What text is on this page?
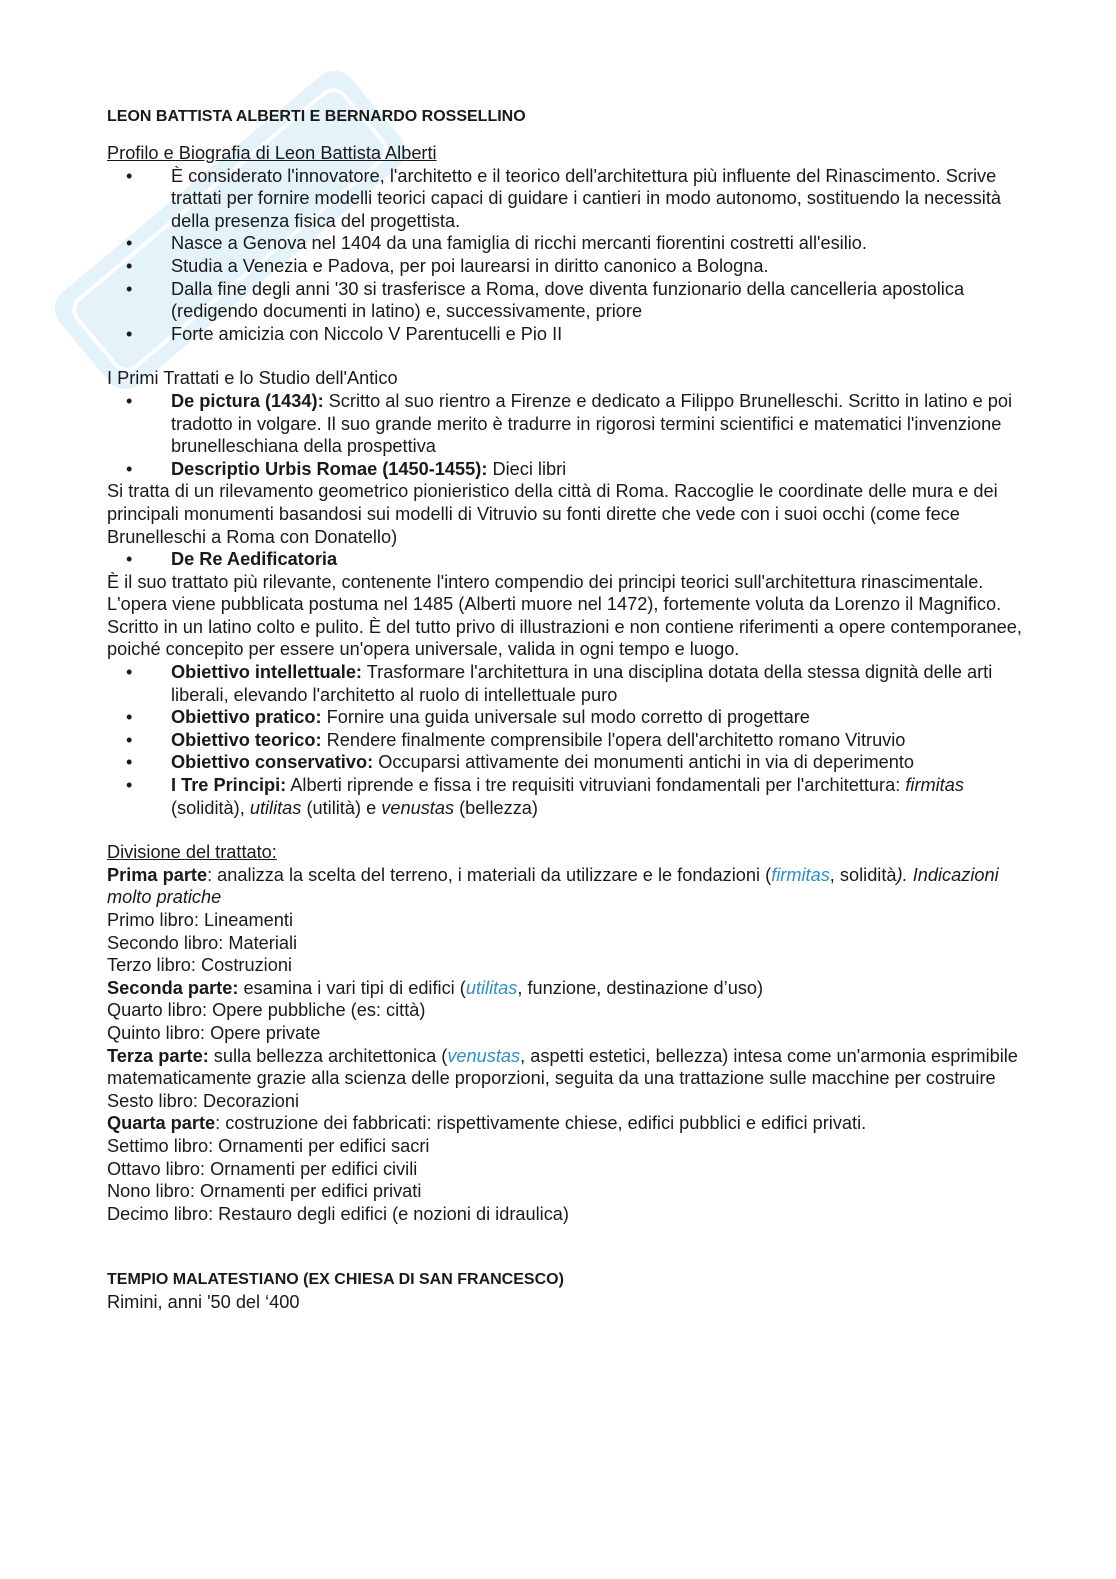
LEON BATTISTA ALBERTI E BERNARDO ROSSELLINO

Profilo e Biografia di Leon Battista Alberti

• È considerato l'innovatore, l'architetto e il teorico dell'architettura più influente del Rinascimento. Scrive trattati per fornire modelli teorici capaci di guidare i cantieri in modo autonomo, sostituendo la necessità della presenza fisica del progettista.
• Nasce a Genova nel 1404 da una famiglia di ricchi mercanti fiorentini costretti all'esilio.
• Studia a Venezia e Padova, per poi laurearsi in diritto canonico a Bologna.
• Dalla fine degli anni '30 si trasferisce a Roma, dove diventa funzionario della cancelleria apostolica (redigendo documenti in latino) e, successivamente, priore
• Forte amicizia con Niccolo V Parentucelli e Pio II

I Primi Trattati e lo Studio dell'Antico

• De pictura (1434): Scritto al suo rientro a Firenze e dedicato a Filippo Brunelleschi. Scritto in latino e poi tradotto in volgare. Il suo grande merito è tradurre in rigorosi termini scientifici e matematici l'invenzione brunelleschiana della prospettiva
• Descriptio Urbis Romae (1450-1455): Dieci libri

Si tratta di un rilevamento geometrico pionieristico della città di Roma. Raccoglie le coordinate delle mura e dei principali monumenti basandosi sui modelli di Vitruvio su fonti dirette che vede con i suoi occhi (come fece Brunelleschi a Roma con Donatello)

• De Re Aedificatoria

È il suo trattato più rilevante, contenente l'intero compendio dei principi teorici sull'architettura rinascimentale.

L'opera viene pubblicata postuma nel 1485 (Alberti muore nel 1472), fortemente voluta da Lorenzo il Magnifico.

Scritto in un latino colto e pulito. È del tutto privo di illustrazioni e non contiene riferimenti a opere contemporanee, poiché concepito per essere un'opera universale, valida in ogni tempo e luogo.

• Obiettivo intellettuale: Trasformare l'architettura in una disciplina dotata della stessa dignità delle arti liberali, elevando l'architetto al ruolo di intellettuale puro
• Obiettivo pratico: Fornire una guida universale sul modo corretto di progettare
• Obiettivo teorico: Rendere finalmente comprensibile l'opera dell'architetto romano Vitruvio
• Obiettivo conservativo: Occuparsi attivamente dei monumenti antichi in via di deperimento
• I Tre Principi: Alberti riprende e fissa i tre requisiti vitruviani fondamentali per l'architettura: firmitas (solidità), utilitas (utilità) e venustas (bellezza)

Divisione del trattato:

Prima parte: analizza la scelta del terreno, i materiali da utilizzare e le fondazioni (firmitas, solidità). Indicazioni molto pratiche

Primo libro: Lineamenti

Secondo libro: Materiali

Terzo libro: Costruzioni

Seconda parte: esamina i vari tipi di edifici (utilitas, funzione, destinazione d’uso)

Quarto libro: Opere pubbliche (es: città)

Quinto libro: Opere private

Terza parte: sulla bellezza architettonica (venustas, aspetti estetici, bellezza) intesa come un'armonia esprimibile matematicamente grazie alla scienza delle proporzioni, seguita da una trattazione sulle macchine per costruire

Sesto libro: Decorazioni

Quarta parte: costruzione dei fabbricati: rispettivamente chiese, edifici pubblici e edifici privati.

Settimo libro: Ornamenti per edifici sacri

Ottavo libro: Ornamenti per edifici civili

Nono libro: Ornamenti per edifici privati

Decimo libro: Restauro degli edifici (e nozioni di idraulica)

TEMPIO MALATESTIANO (EX CHIESA DI SAN FRANCESCO)

Rimini, anni '50 del ‘400
